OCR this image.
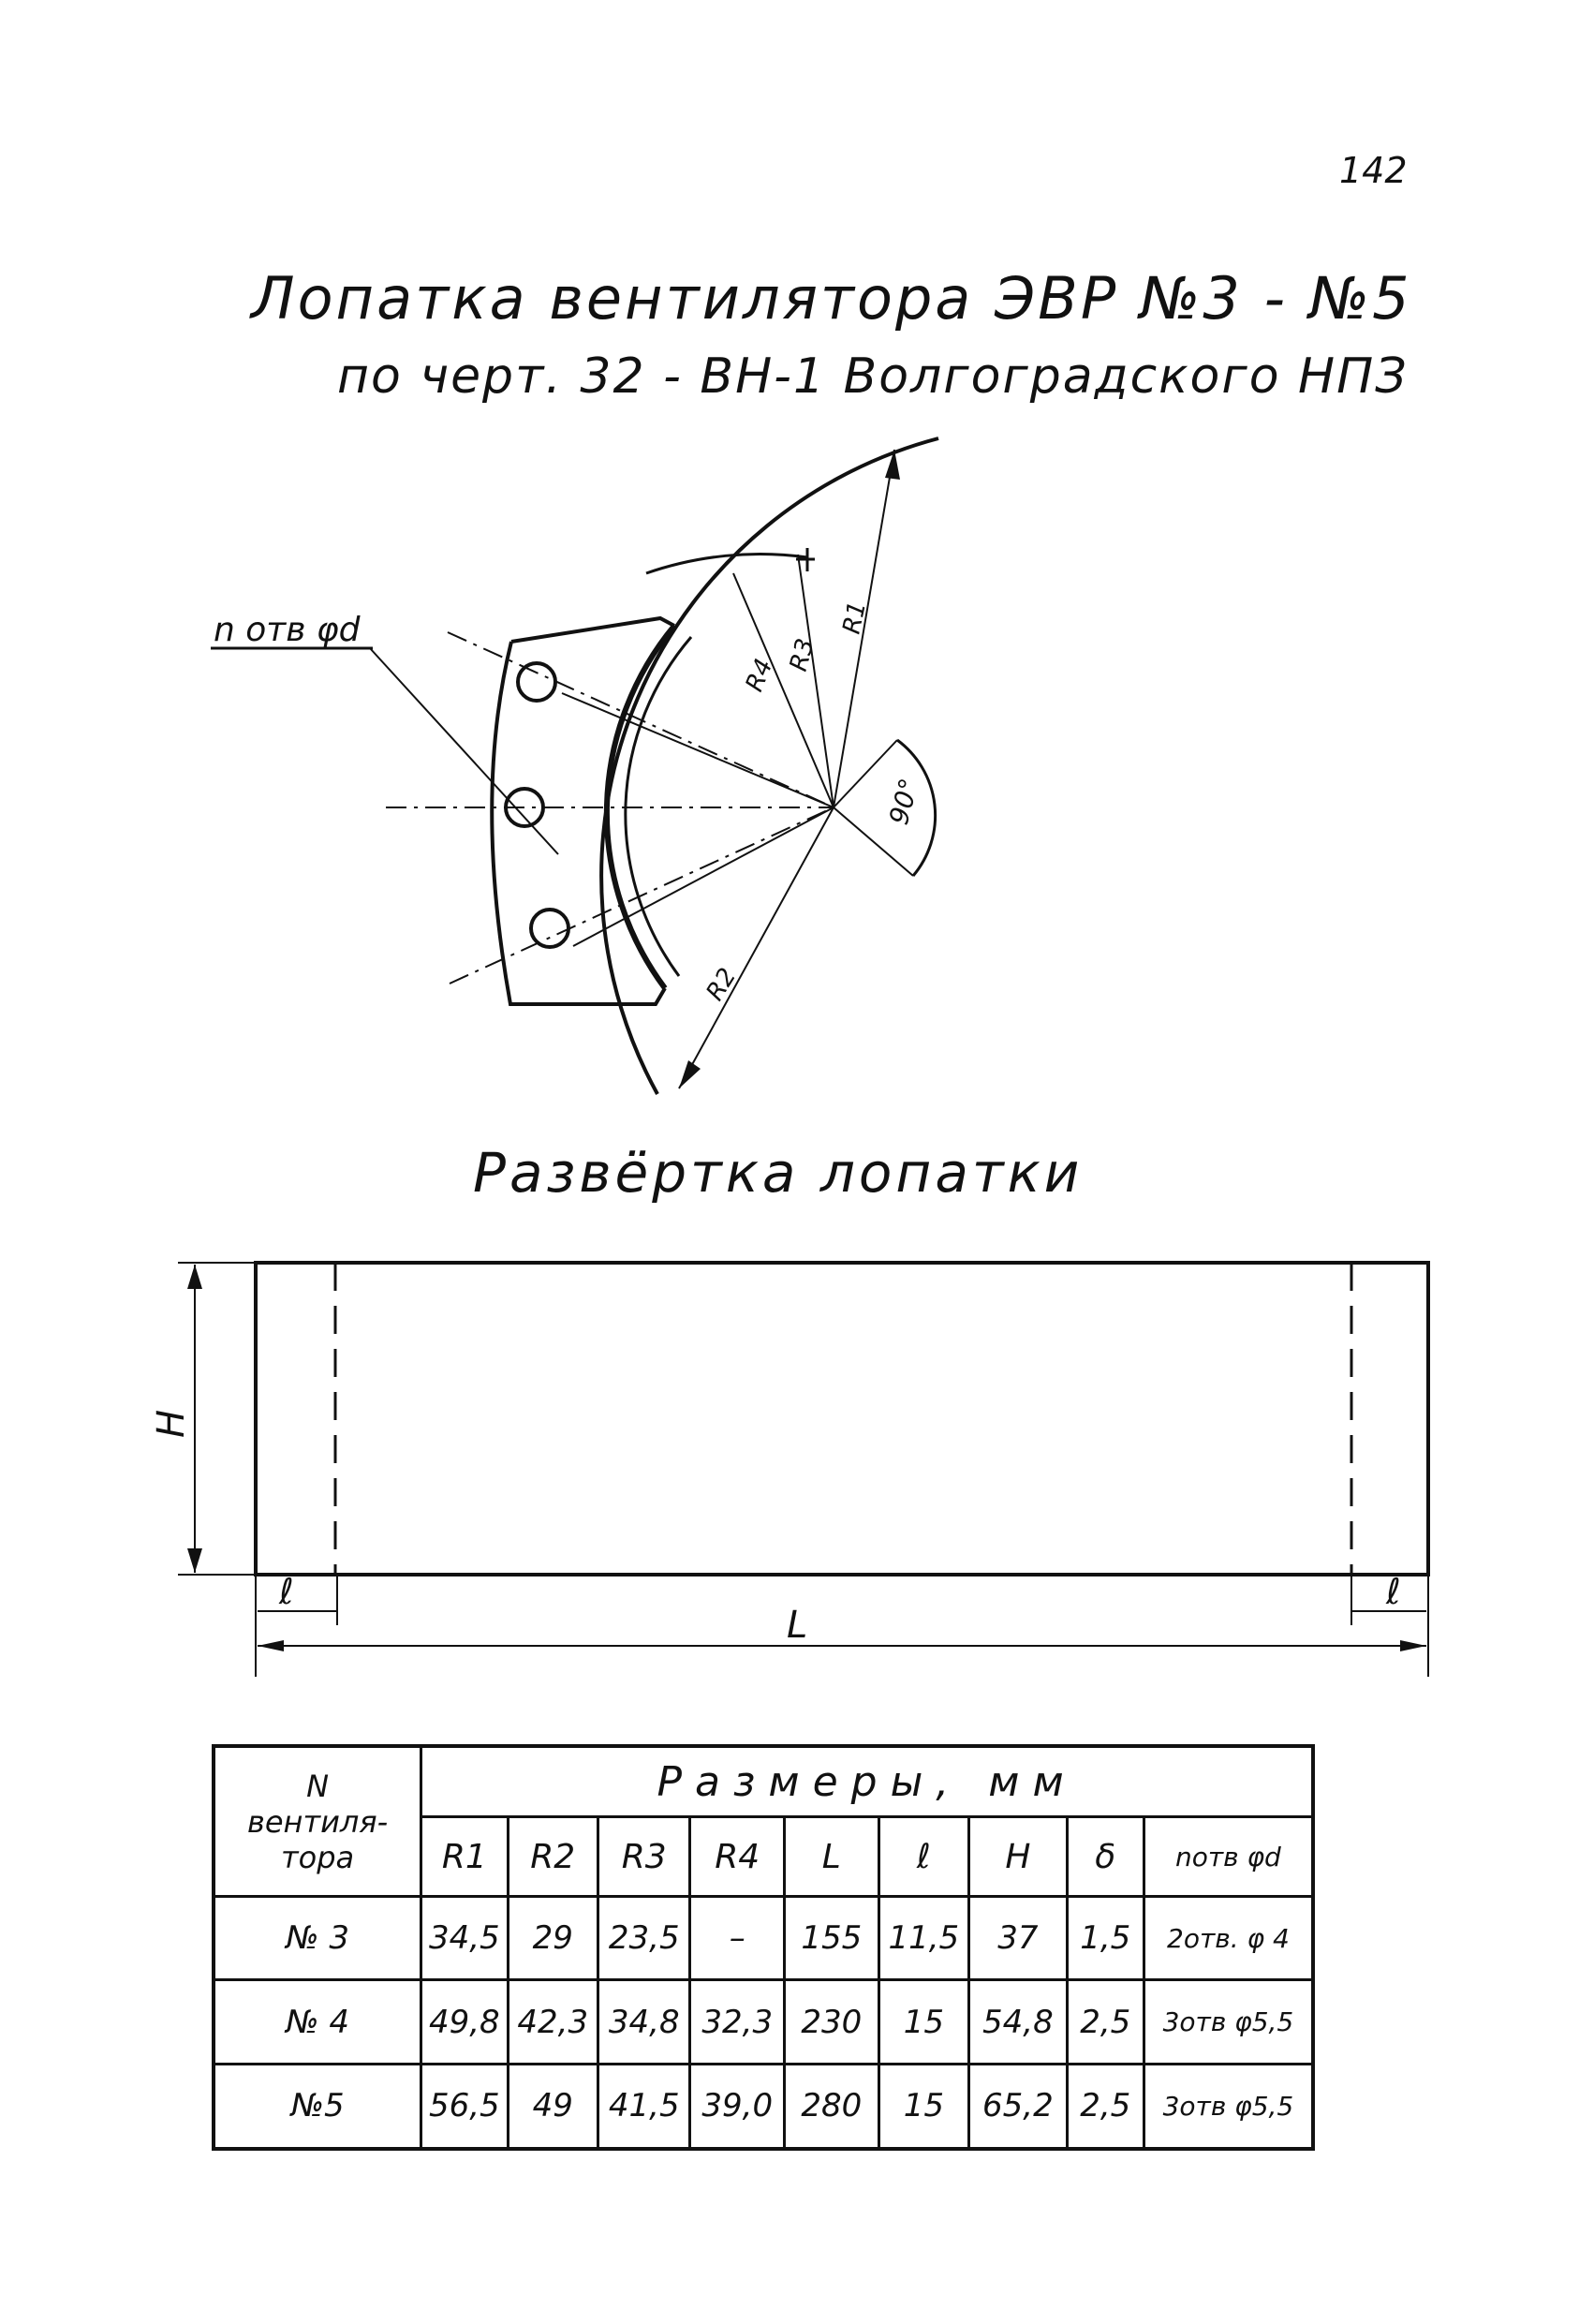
142
Лопатка вентилятора ЭВР №3 - №5
по черт. 32 - ВН-1 Волгоградского НПЗ
n отв φd
R4
R3
R1
R2
90°
H
L
ℓ	ℓ
Развёртка лопатки
N
вентиля-
тора	Размеры, мм								
	R1	R2	R3	R4	L	ℓ	H	δ	nотв φd
№ 3	34,5	29	23,5	–	155	11,5	37	1,5	2отв. φ 4
№ 4	49,8	42,3	34,8	32,3	230	15	54,8	2,5	3отв φ5,5
№5	56,5	49	41,5	39,0	280	15	65,2	2,5	3отв φ5,5
